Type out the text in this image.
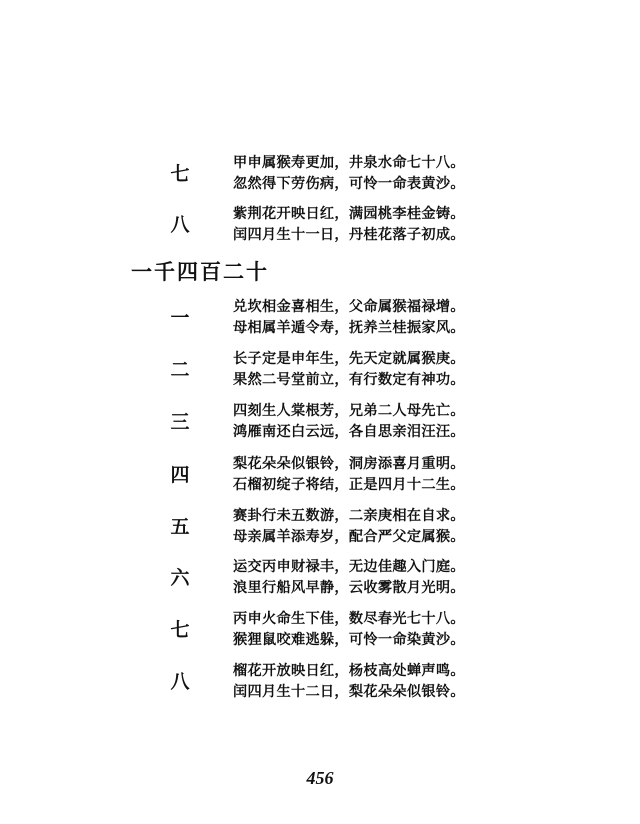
七	甲申属猴寿更加，井泉水命七十八。
忽然得下劳伤病，可怜一命表黄沙。
八	紫荆花开映日红，满园桃李桂金铸。
闰四月生十一日，丹桂花落子初成。
一千四百二十
一	兑坎相金喜相生，父命属猴福禄增。
母相属羊遁令寿，抚养兰桂振家风。
二	长子定是申年生，先天定就属猴庚。
果然二号堂前立，有行数定有神功。
三	四刻生人棠根芳，兄弟二人母先亡。
鸿雁南还白云远，各自思亲泪汪汪。
四	梨花朵朵似银铃，洞房添喜月重明。
石榴初绽子将结，正是四月十二生。
五	赛卦行未五数游，二亲庚相在自求。
母亲属羊添寿岁，配合严父定属猴。
六	运交丙申财禄丰，无边佳趣入门庭。
浪里行船风早静，云收雾散月光明。
七	丙申火命生下佳，数尽春光七十八。
猴狸鼠咬难逃躲，可怜一命染黄沙。
八	榴花开放映日红，杨枝高处蝉声鸣。
闰四月生十二日，梨花朵朵似银铃。
456
